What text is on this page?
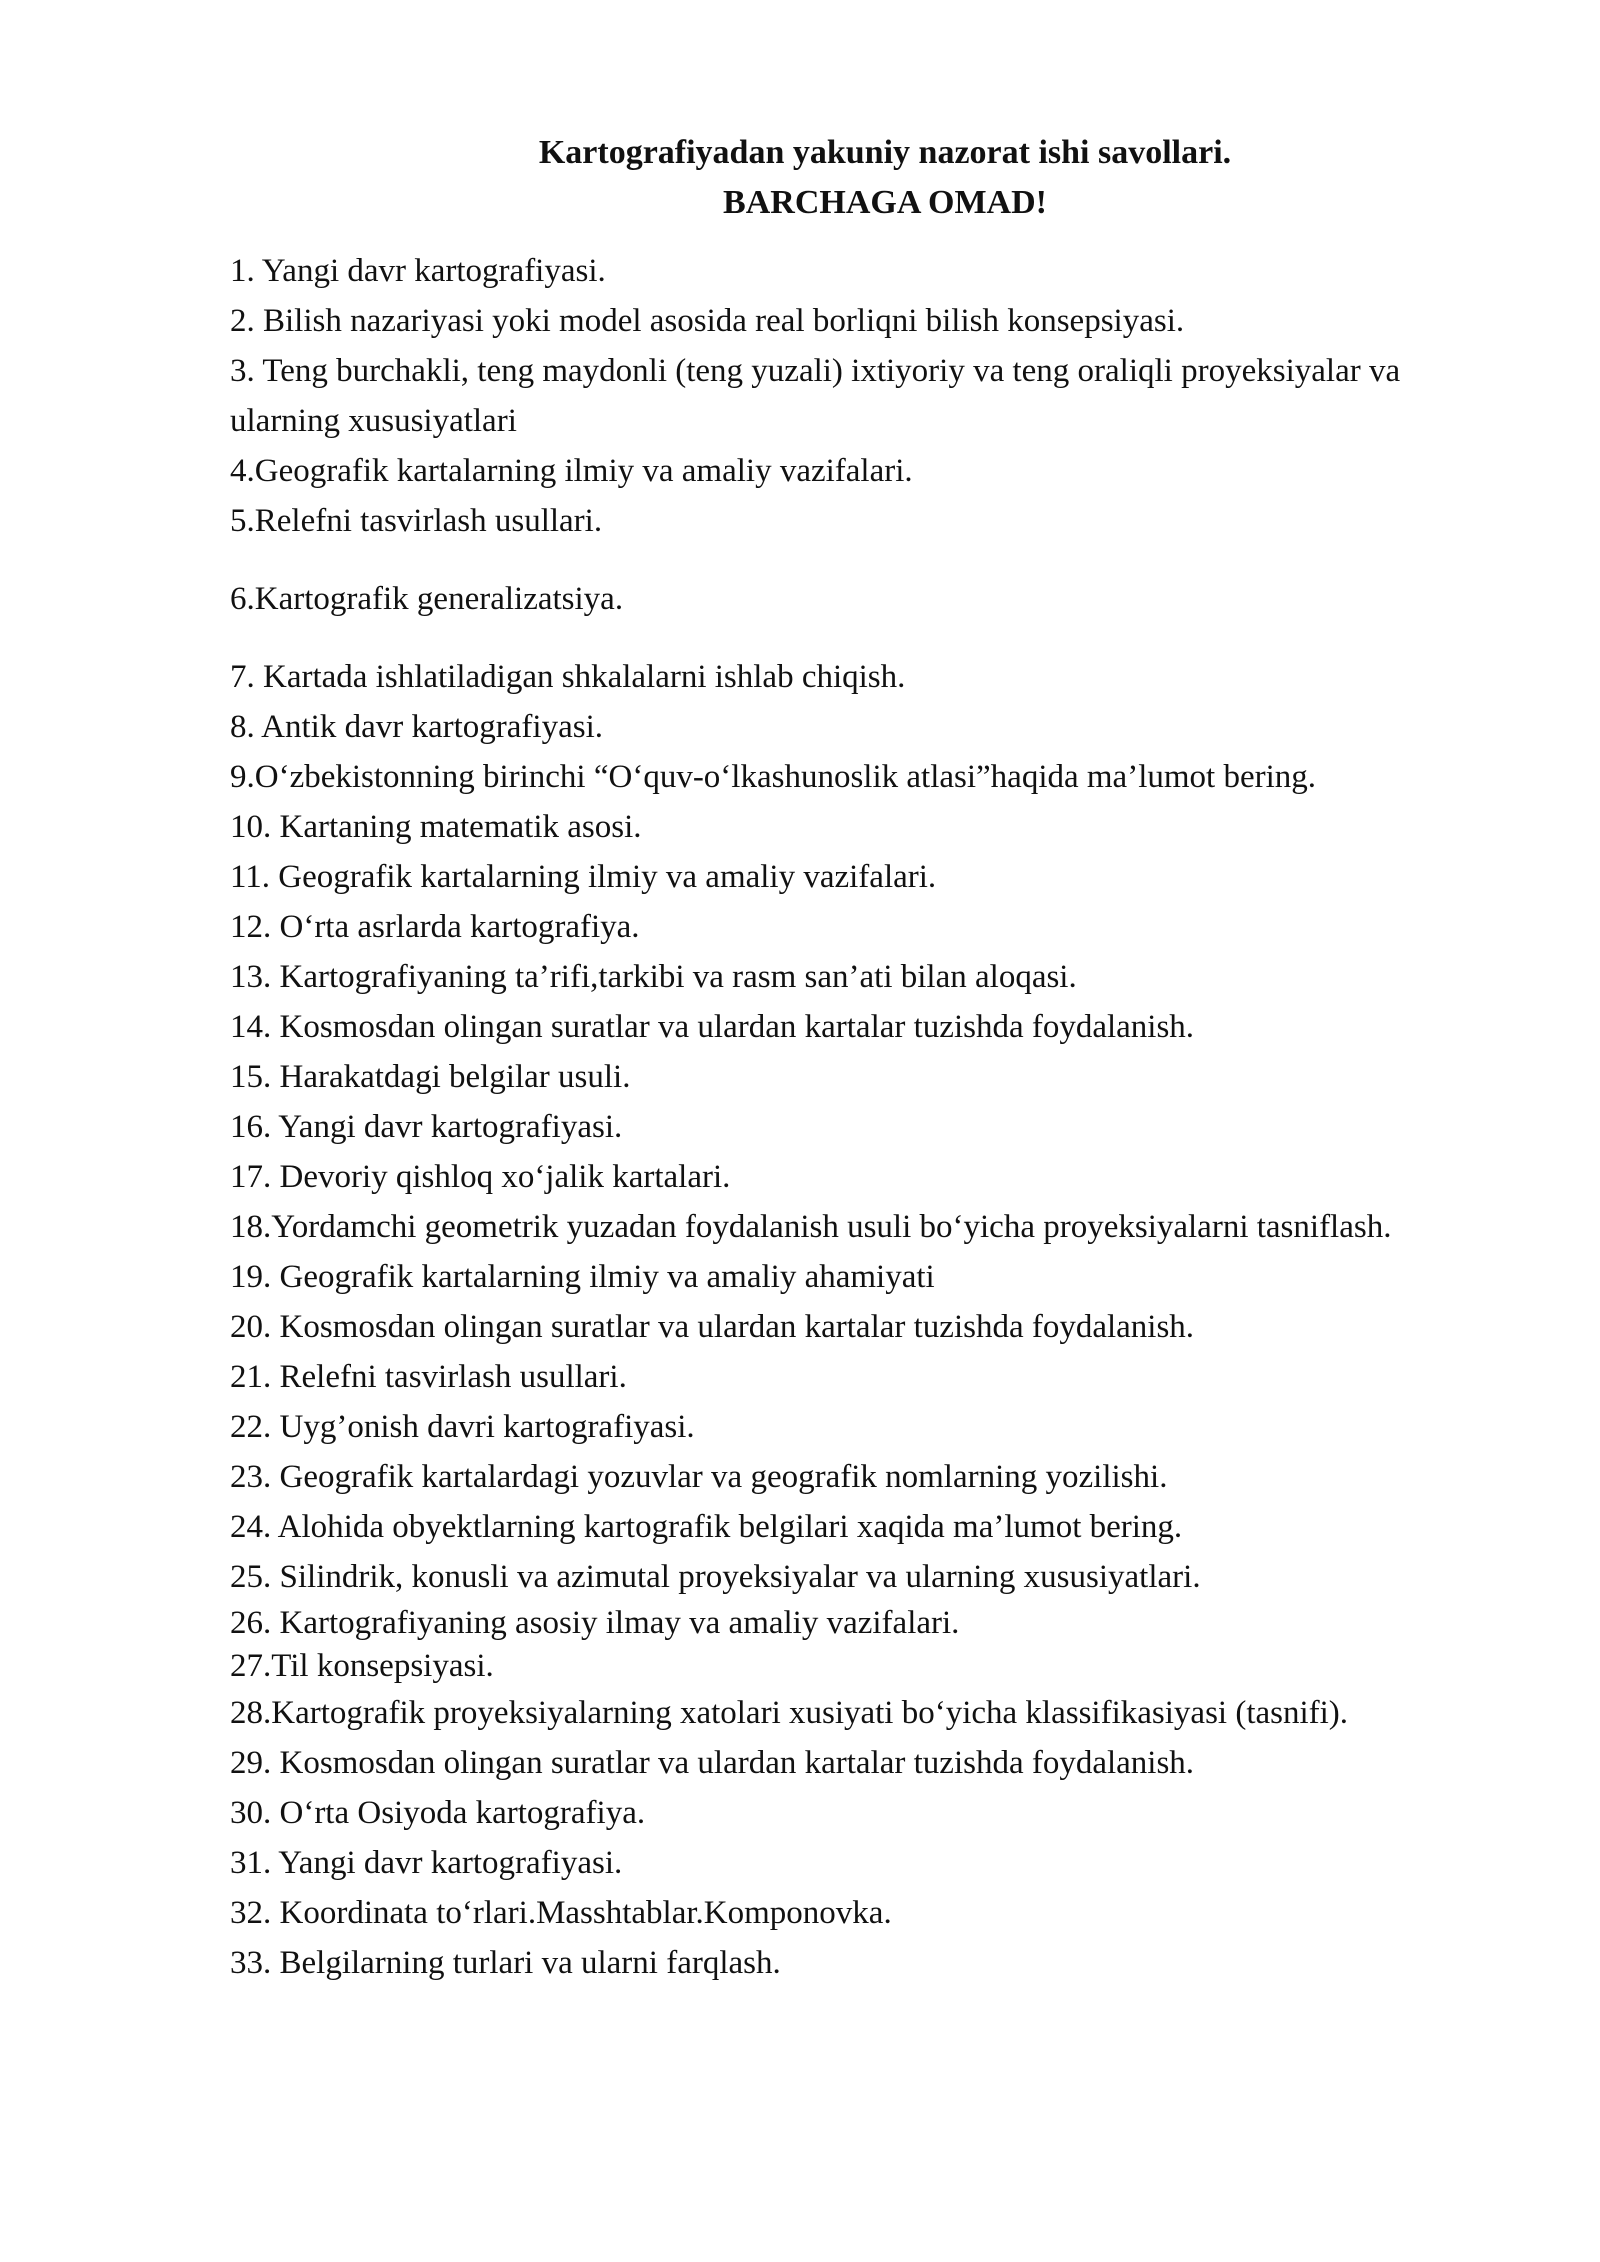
Kartografiyadan yakuniy nazorat ishi savollari.

BARCHAGA OMAD!

1. Yangi davr kartografiyasi.

2. Bilish nazariyasi yoki model asosida real borliqni bilish konsepsiyasi.

3. Teng burchakli, teng maydonli (teng yuzali) ixtiyoriy va teng oraliqli proyeksiyalar va ularning xususiyatlari

4.Geografik kartalarning ilmiy va amaliy vazifalari.

5.Relefni tasvirlash usullari.

6.Kartografik generalizatsiya.

7. Kartada ishlatiladigan shkalalarni ishlab chiqish.

8. Antik davr kartografiyasi.

9.O‘zbekistonning birinchi “O‘quv-o‘lkashunoslik atlasi”haqida ma’lumot bering.

10. Kartaning matematik asosi.

11. Geografik kartalarning ilmiy va amaliy vazifalari.

12. O‘rta asrlarda kartografiya.

13. Kartografiyaning ta’rifi,tarkibi va rasm san’ati bilan aloqasi.

14. Kosmosdan olingan suratlar va ulardan kartalar tuzishda foydalanish.

15. Harakatdagi belgilar usuli.

16. Yangi davr kartografiyasi.

17. Devoriy qishloq xo‘jalik kartalari.

18.Yordamchi geometrik yuzadan foydalanish usuli bo‘yicha proyeksiyalarni tasniflash.

19. Geografik kartalarning ilmiy va amaliy ahamiyati

20. Kosmosdan olingan suratlar va ulardan kartalar tuzishda foydalanish.

21. Relefni tasvirlash usullari.

22. Uyg’onish davri kartografiyasi.

23. Geografik kartalardagi yozuvlar va geografik nomlarning yozilishi.

24. Alohida obyektlarning kartografik belgilari xaqida ma’lumot bering.

25. Silindrik, konusli va azimutal proyeksiyalar va ularning xususiyatlari.

26. Kartografiyaning asosiy ilmay va amaliy vazifalari.

27.Til konsepsiyasi.

28.Kartografik proyeksiyalarning xatolari xusiyati bo‘yicha klassifikasiyasi (tasnifi).

29. Kosmosdan olingan suratlar va ulardan kartalar tuzishda foydalanish.

30. O‘rta Osiyoda kartografiya.

31. Yangi davr kartografiyasi.

32. Koordinata to‘rlari.Masshtablar.Komponovka.

33. Belgilarning turlari va ularni farqlash.
